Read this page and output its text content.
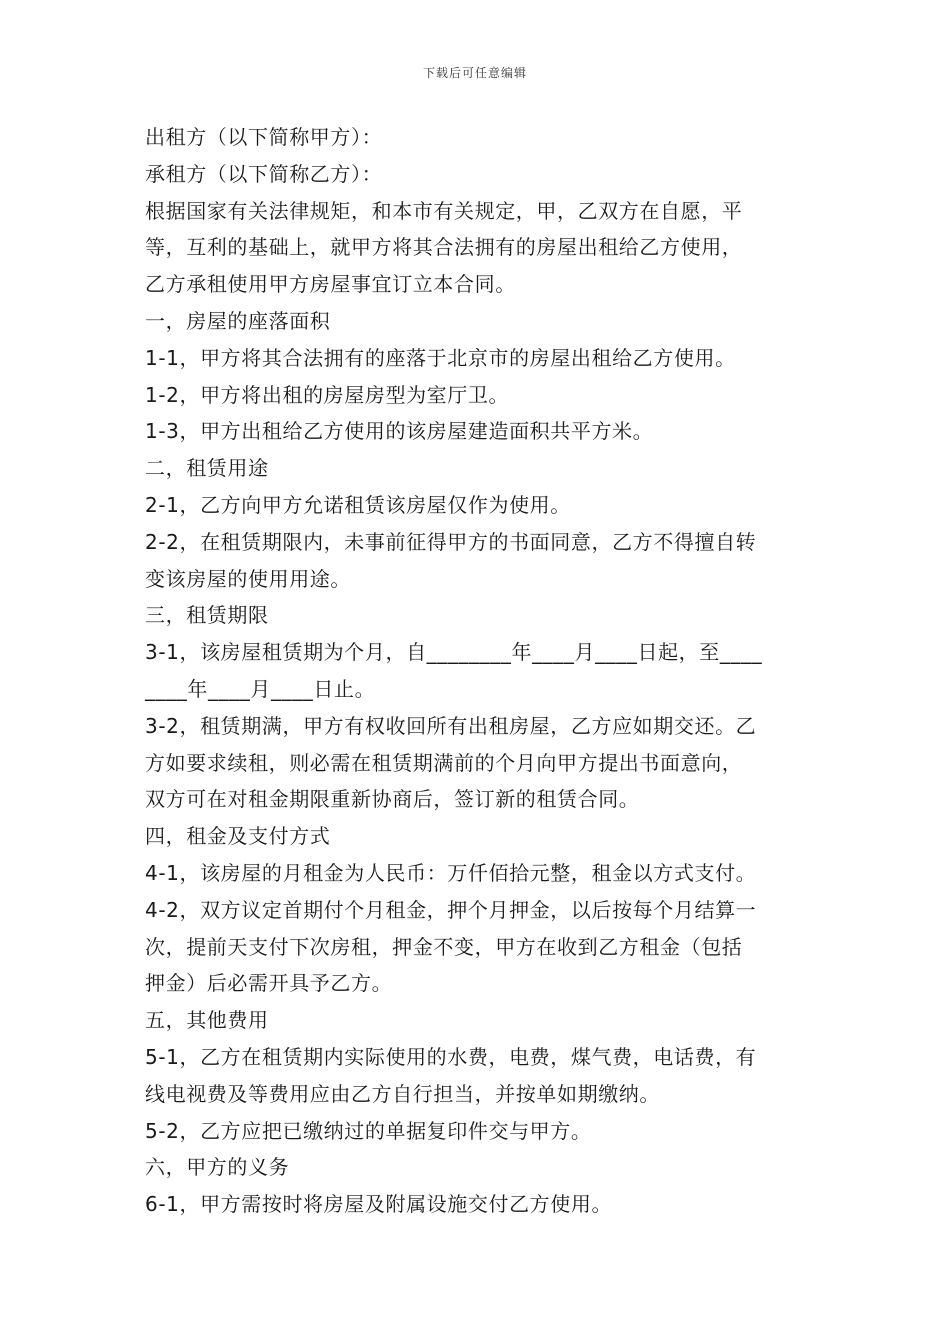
下载后可任意编辑
出租方（以下简称甲方）：
承租方（以下简称乙方）：
根据国家有关法律规矩，和本市有关规定，甲，乙双方在自愿，平
等，互利的基础上，就甲方将其合法拥有的房屋出租给乙方使用，
乙方承租使用甲方房屋事宜订立本合同。
一，房屋的座落面积
1-1，甲方将其合法拥有的座落于北京市的房屋出租给乙方使用。
1-2，甲方将出租的房屋房型为室厅卫。
1-3，甲方出租给乙方使用的该房屋建造面积共平方米。
二，租赁用途
2-1，乙方向甲方允诺租赁该房屋仅作为使用。
2-2，在租赁期限内，未事前征得甲方的书面同意，乙方不得擅自转
变该房屋的使用用途。
三，租赁期限
3-1，该房屋租赁期为个月，自________年____月____日起，至____
____年____月____日止。
3-2，租赁期满，甲方有权收回所有出租房屋，乙方应如期交还。乙
方如要求续租，则必需在租赁期满前的个月向甲方提出书面意向，
双方可在对租金期限重新协商后，签订新的租赁合同。
四，租金及支付方式
4-1，该房屋的月租金为人民币：万仟佰拾元整，租金以方式支付。
4-2，双方议定首期付个月租金，押个月押金，以后按每个月结算一
次，提前天支付下次房租，押金不变，甲方在收到乙方租金（包括
押金）后必需开具予乙方。
五，其他费用
5-1，乙方在租赁期内实际使用的水费，电费，煤气费，电话费，有
线电视费及等费用应由乙方自行担当，并按单如期缴纳。
5-2，乙方应把已缴纳过的单据复印件交与甲方。
六，甲方的义务
6-1，甲方需按时将房屋及附属设施交付乙方使用。
